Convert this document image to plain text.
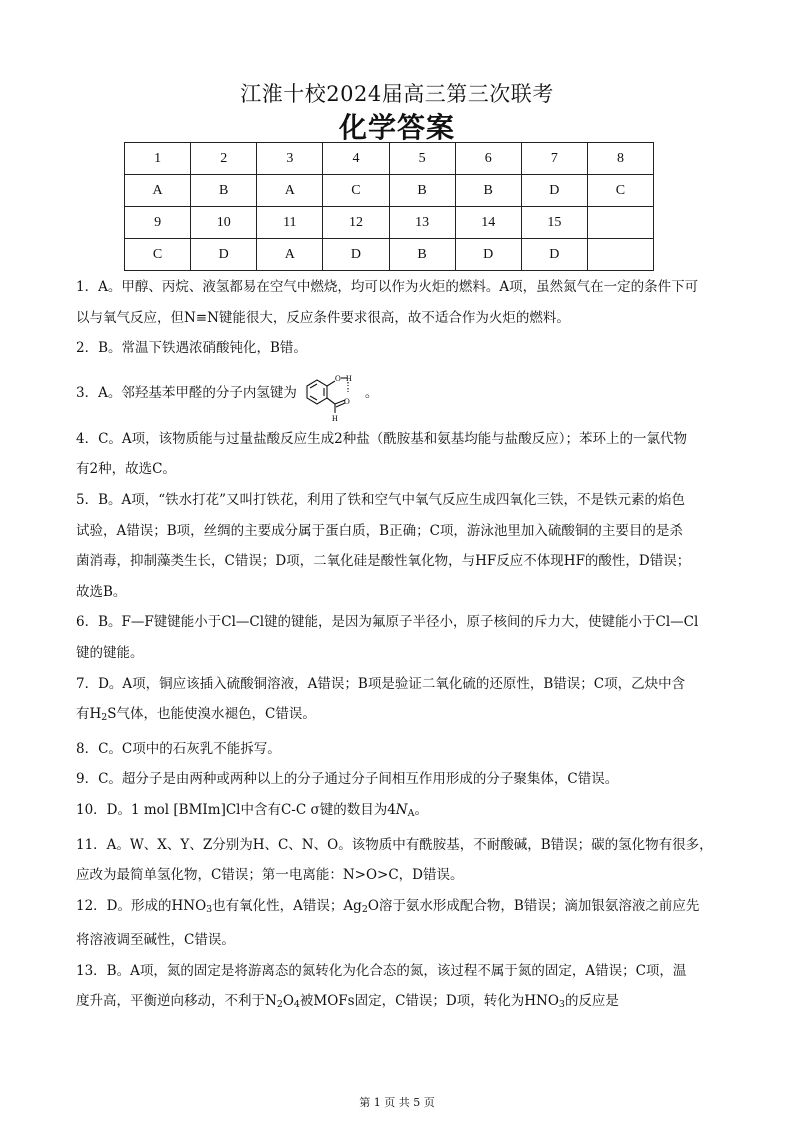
江淮十校2024届高三第三次联考
化学答案
1	2	3	4	5	6	7	8
A	B	A	C	B	B	D	C
9	10	11	12	13	14	15	
C	D	A	D	B	D	D	

1．A。甲醇、丙烷、液氢都易在空气中燃烧，均可以作为火炬的燃料。A项，虽然氮气在一定的条件下可

以与氧气反应，但N≡N键能很大，反应条件要求很高，故不适合作为火炬的燃料。

2．B。常温下铁遇浓硝酸钝化，B错。

3．A。邻羟基苯甲醛的分子内氢键为
O H
O
H
。

4．C。A项，该物质能与过量盐酸反应生成2种盐（酰胺基和氨基均能与盐酸反应）；苯环上的一氯代物

有2种，故选C。

5．B。A项，“铁水打花”又叫打铁花，利用了铁和空气中氧气反应生成四氧化三铁，不是铁元素的焰色

试验，A错误；B项，丝绸的主要成分属于蛋白质，B正确；C项，游泳池里加入硫酸铜的主要目的是杀

菌消毒，抑制藻类生长，C错误；D项，二氧化硅是酸性氧化物，与HF反应不体现HF的酸性，D错误；

故选B。

6．B。F—F键键能小于Cl—Cl键的键能，是因为氟原子半径小，原子核间的斥力大，使键能小于Cl—Cl

键的键能。

7．D。A项，铜应该插入硫酸铜溶液，A错误；B项是验证二氧化硫的还原性，B错误；C项，乙炔中含

有$H_2S$气体，也能使溴水褪色，C错误。

8．C。C项中的石灰乳不能拆写。

9．C。超分子是由两种或两种以上的分子通过分子间相互作用形成的分子聚集体，C错误。

10．D。1 mol [BMIm]Cl中含有C-C σ键的数目为$4N_A$。

11．A。W、X、Y、Z分别为H、C、N、O。该物质中有酰胺基，不耐酸碱，B错误；碳的氢化物有很多，

应改为最简单氢化物，C错误；第一电离能：N>O>C，D错误。

12．D。形成的$HNO_3$也有氧化性，A错误；$Ag_2O$溶于氨水形成配合物，B错误；滴加银氨溶液之前应先

将溶液调至碱性，C错误。

13．B。A项，氮的固定是将游离态的氮转化为化合态的氮，该过程不属于氮的固定，A错误；C项，温

度升高，平衡逆向移动，不利于$N_2O_4$被MOFs固定，C错误；D项，转化为$HNO_3$的反应是

第 1 页 共 5 页
